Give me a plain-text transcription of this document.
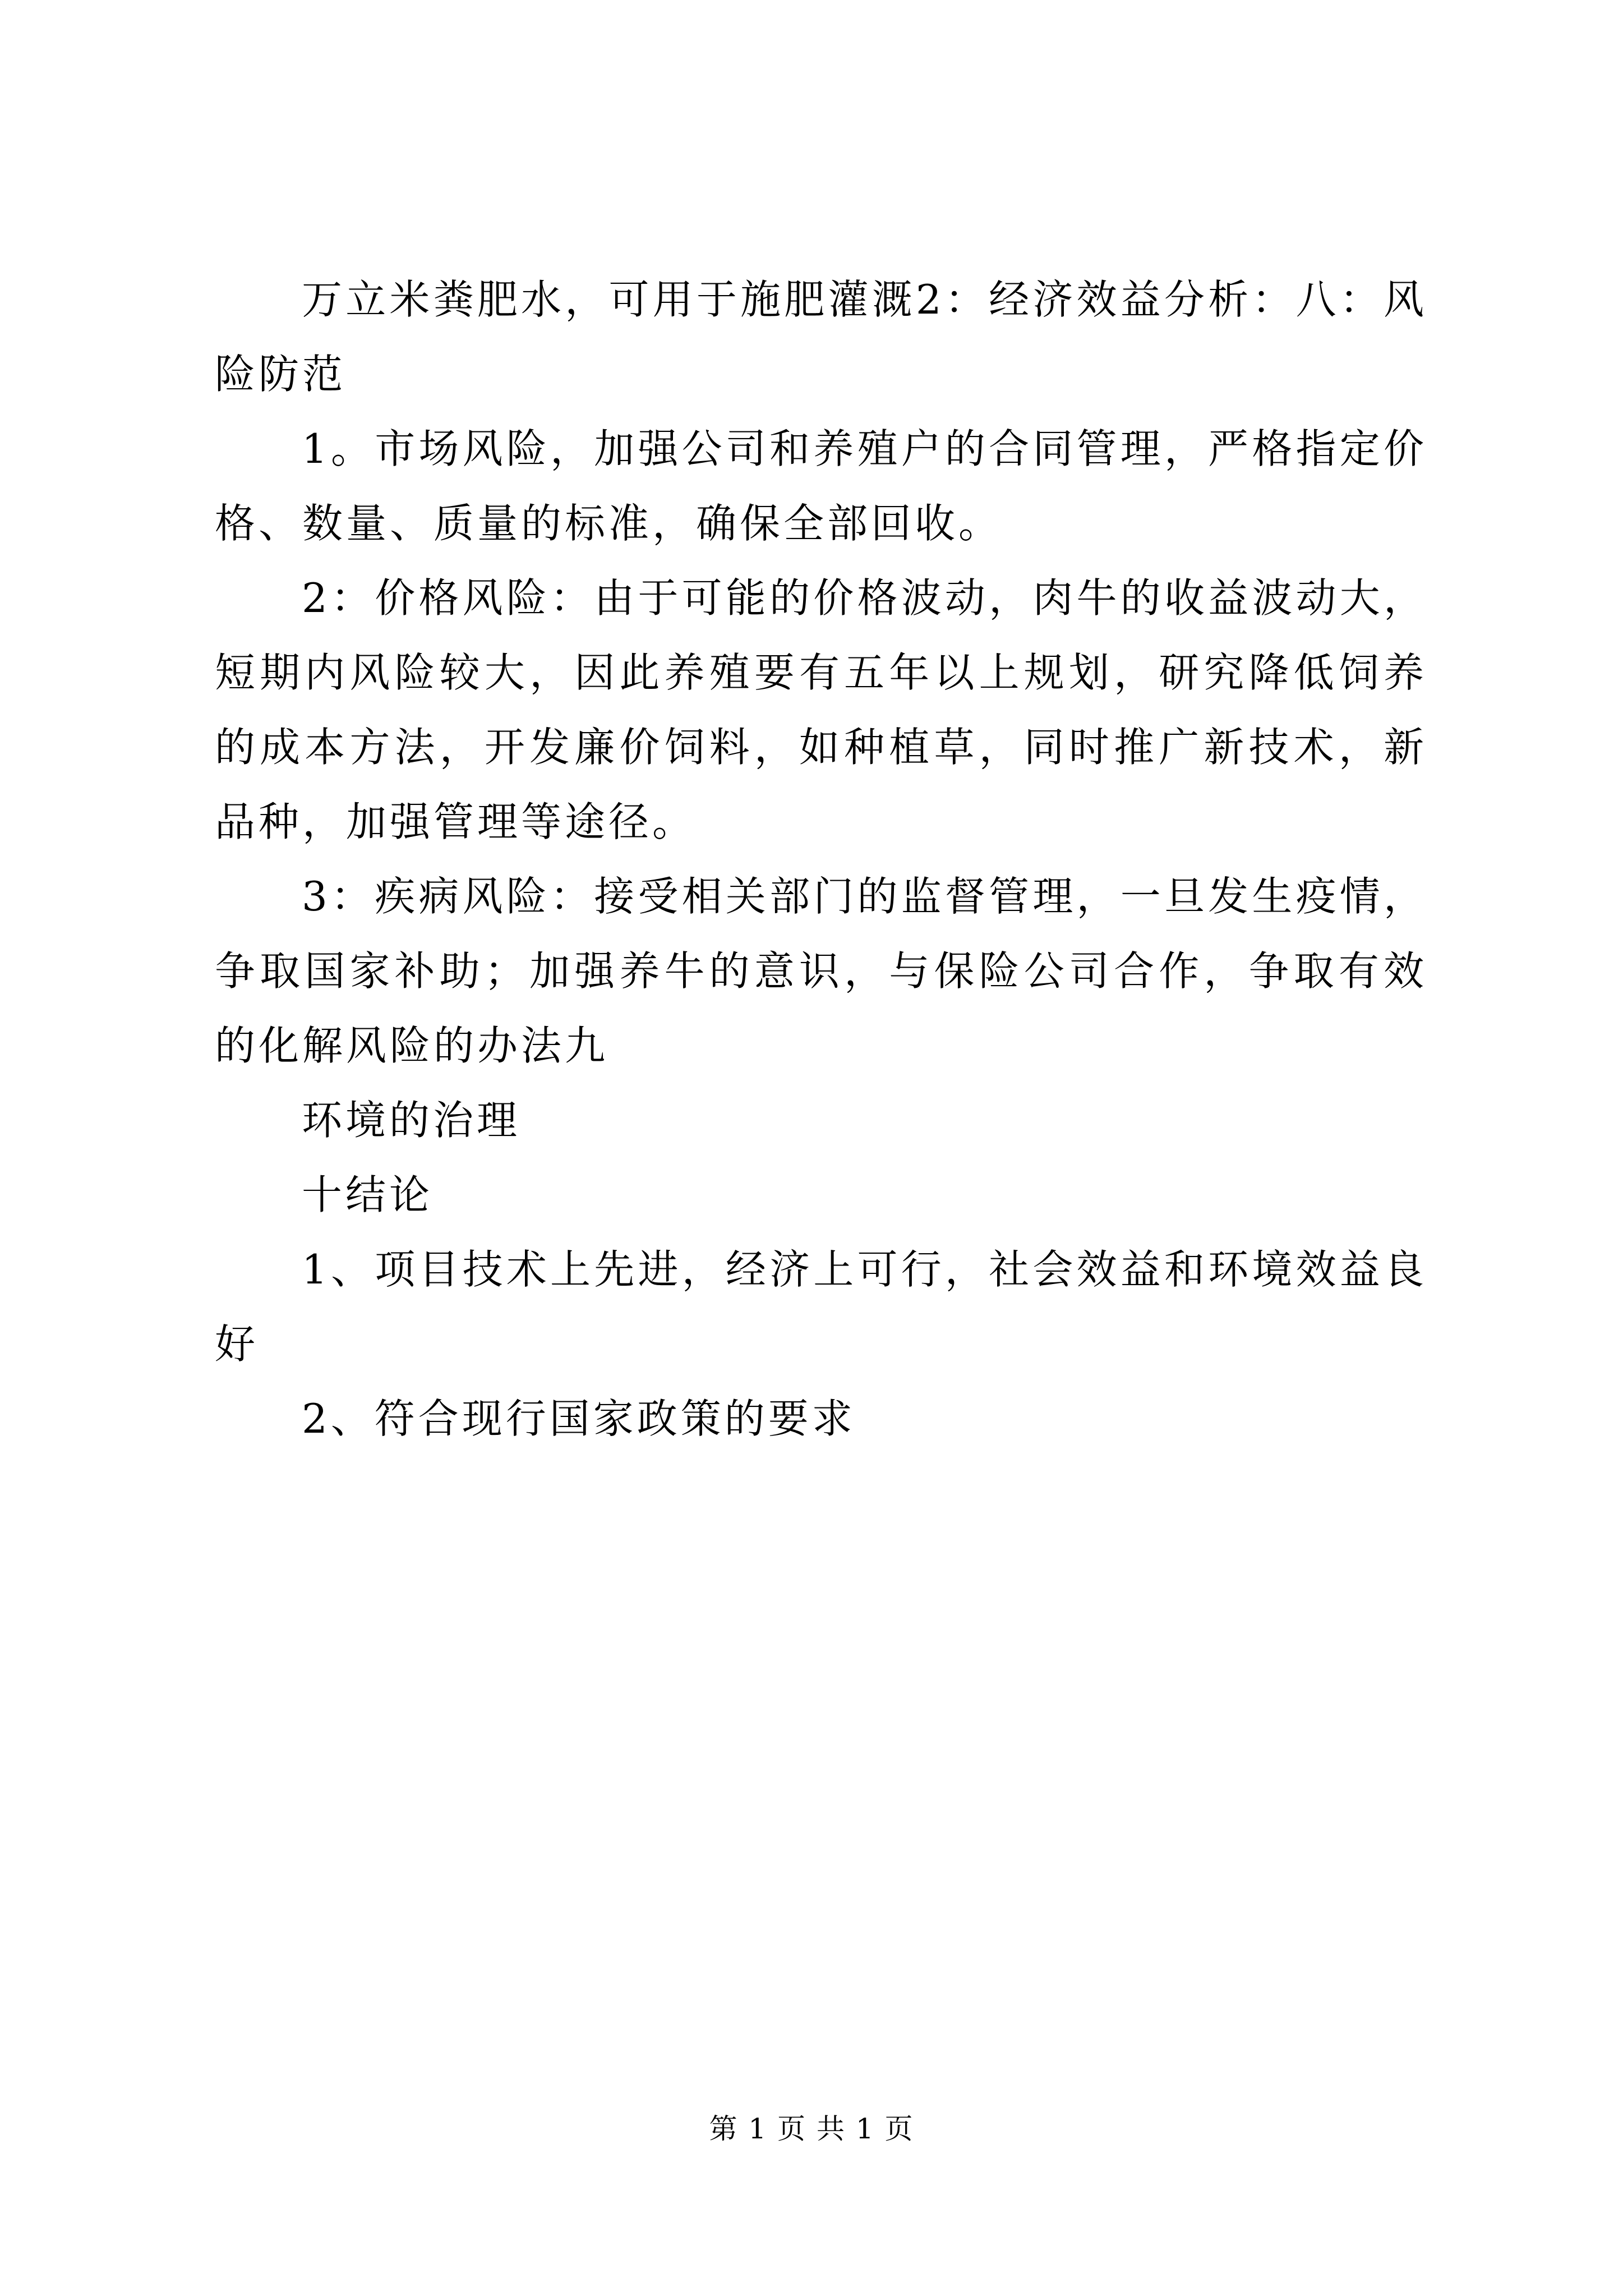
万立米粪肥水，可用于施肥灌溉2：经济效益分析：八：风险防范

1。市场风险，加强公司和养殖户的合同管理，严格指定价格、数量、质量的标准，确保全部回收。

2：价格风险：由于可能的价格波动，肉牛的收益波动大，短期内风险较大，因此养殖要有五年以上规划，研究降低饲养的成本方法，开发廉价饲料，如种植草，同时推广新技术，新品种，加强管理等途径。

3：疾病风险：接受相关部门的监督管理，一旦发生疫情，争取国家补助；加强养牛的意识，与保险公司合作，争取有效的化解风险的办法九

环境的治理

十结论

1、项目技术上先进，经济上可行，社会效益和环境效益良好

2、符合现行国家政策的要求

第 1 页 共 1 页
